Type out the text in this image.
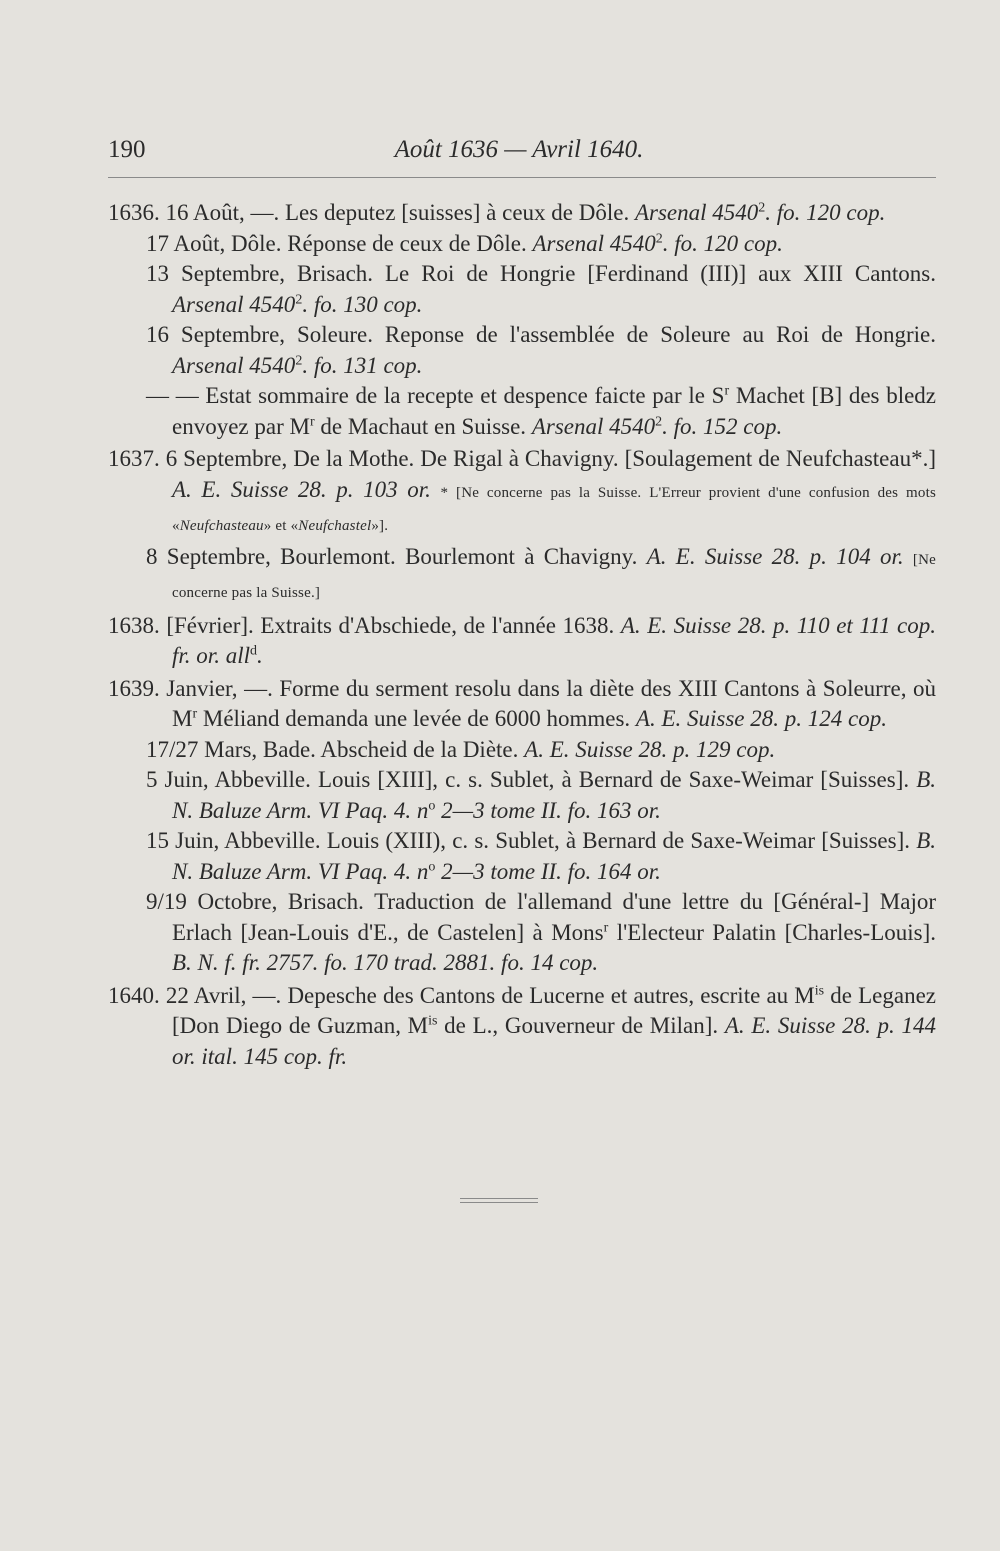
190	Août 1636 — Avril 1640.

1636. 16 Août, —. Les deputez [suisses] à ceux de Dôle. Arsenal 4540$^2$. fo. 120 cop.

17 Août, Dôle. Réponse de ceux de Dôle. Arsenal 4540$^2$. fo. 120 cop.

13 Septembre, Brisach. Le Roi de Hongrie [Ferdinand (III)] aux XIII Cantons. Arsenal 4540$^2$. fo. 130 cop.

16 Septembre, Soleure. Reponse de l'assemblée de Soleure au Roi de Hongrie. Arsenal 4540$^2$. fo. 131 cop.

— — Estat sommaire de la recepte et despence faicte par le $S^r$ Machet [B] des bledz envoyez par $M^r$ de Machaut en Suisse. Arsenal 4540$^2$. fo. 152 cop.

1637. 6 Septembre, De la Mothe. De Rigal à Chavigny. [Soulagement de Neufchasteau*.] A. E. Suisse 28. p. 103 or. * [Ne concerne pas la Suisse. L'Erreur provient d'une confusion des mots «Neufchasteau» et «Neufchastel»].

8 Septembre, Bourlemont. Bourlemont à Chavigny. A. E. Suisse 28. p. 104 or. [Ne concerne pas la Suisse.]

1638. [Février]. Extraits d'Abschiede, de l'année 1638. A. E. Suisse 28. p. 110 et 111 cop. fr. or. all$^d$.

1639. Janvier, —. Forme du serment resolu dans la diète des XIII Cantons à Soleurre, où $M^r$ Méliand demanda une levée de 6000 hommes. A. E. Suisse 28. p. 124 cop.

17/27 Mars, Bade. Abscheid de la Diète. A. E. Suisse 28. p. 129 cop.

5 Juin, Abbeville. Louis [XIII], c. s. Sublet, à Bernard de Saxe-Weimar [Suisses]. B. N. Baluze Arm. VI Paq. 4. $n^o$ 2—3 tome II. fo. 163 or.

15 Juin, Abbeville. Louis (XIII), c. s. Sublet, à Bernard de Saxe-Weimar [Suisses]. B. N. Baluze Arm. VI Paq. 4. $n^o$ 2—3 tome II. fo. 164 or.

9/19 Octobre, Brisach. Traduction de l'allemand d'une lettre du [Général-] Major Erlach [Jean-Louis d'E., de Castelen] à Mons$^r$ l'Electeur Palatin [Charles-Louis]. B. N. f. fr. 2757. fo. 170 trad. 2881. fo. 14 cop.

1640. 22 Avril, —. Depesche des Cantons de Lucerne et autres, escrite au $M^{is}$ de Leganez [Don Diego de Guzman, $M^{is}$ de L., Gouverneur de Milan]. A. E. Suisse 28. p. 144 or. ital. 145 cop. fr.
